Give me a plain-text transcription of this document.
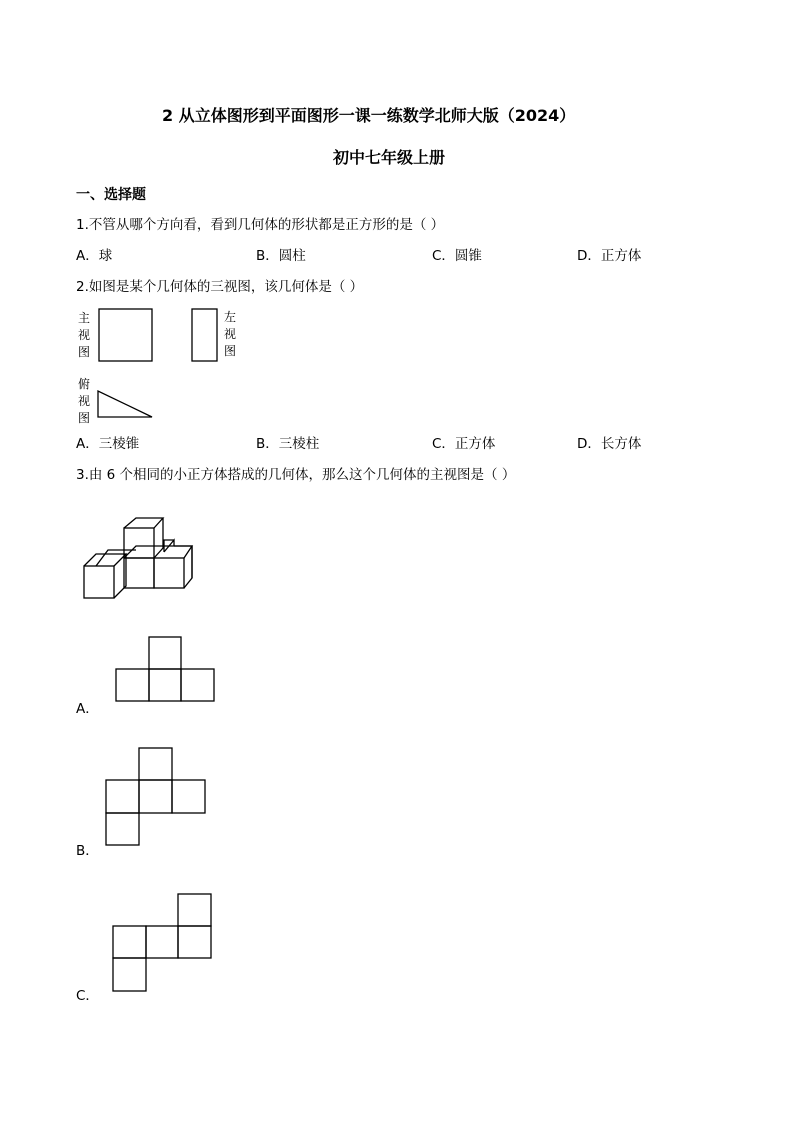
2 从立体图形到平面图形一课一练数学北师大版（2024）
初中七年级上册
一、选择题
1.不管从哪个方向看，看到几何体的形状都是正方形的是（ ）
A．球	B．圆柱	C．圆锥	D．正方体
2.如图是某个几何体的三视图，该几何体是（ ）
主
视
图
左
视
图
俯
视
图
A．三棱锥	B．三棱柱	C．正方体	D．长方体
3.由 6 个相同的小正方体搭成的几何体，那么这个几何体的主视图是（ ）
A．
B．
C．
